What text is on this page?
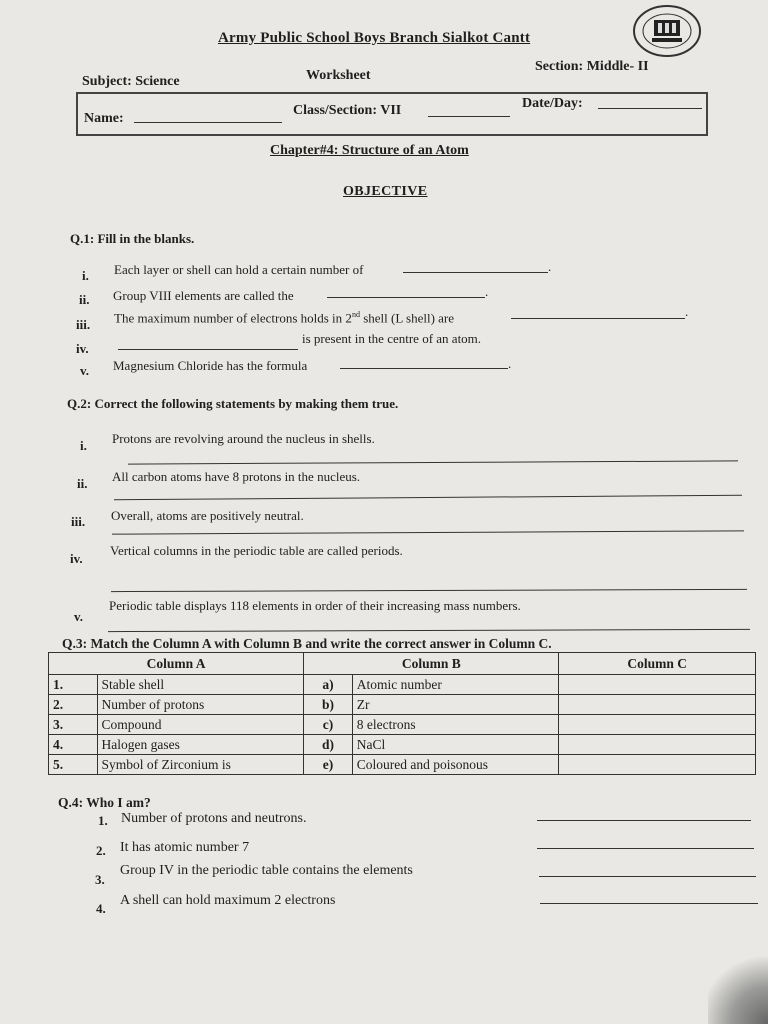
Army Public School Boys Branch Sialkot Cantt
Subject: Science	Worksheet
Section: Middle- II
Name:
Class/Section: VII	Date/Day:
Chapter#4: Structure of an Atom
OBJECTIVE
Q.1: Fill in the blanks.
i.	Each layer or shell can hold a certain number of	.
ii.	Group VIII elements are called the	.
iii.	The maximum number of electrons holds in 2nd shell (L shell) are	.
iv.
is present in the centre of an atom.
v.	Magnesium Chloride has the formula	.
Q.2: Correct the following statements by making them true.
i.	Protons are revolving around the nucleus in shells.
ii.	All carbon atoms have 8 protons in the nucleus.
iii.	Overall, atoms are positively neutral.
iv.
Vertical columns in the periodic table are called periods.
v.
Periodic table displays 118 elements in order of their increasing mass numbers.
Q.3: Match the Column A with Column B and write the correct answer in Column C.
Column A		Column B		Column C
1.	Stable shell	a)	Atomic number	
2.	Number of protons	b)	Zr	
3.	Compound	c)	8 electrons	
4.	Halogen gases	d)	NaCl	
5.	Symbol of Zirconium is	e)	Coloured and poisonous	
Q.4: Who I am?
1. Number of protons and neutrons.
2. It has atomic number 7
3.
Group IV in the periodic table contains the elements
4.
A shell can hold maximum 2 electrons
